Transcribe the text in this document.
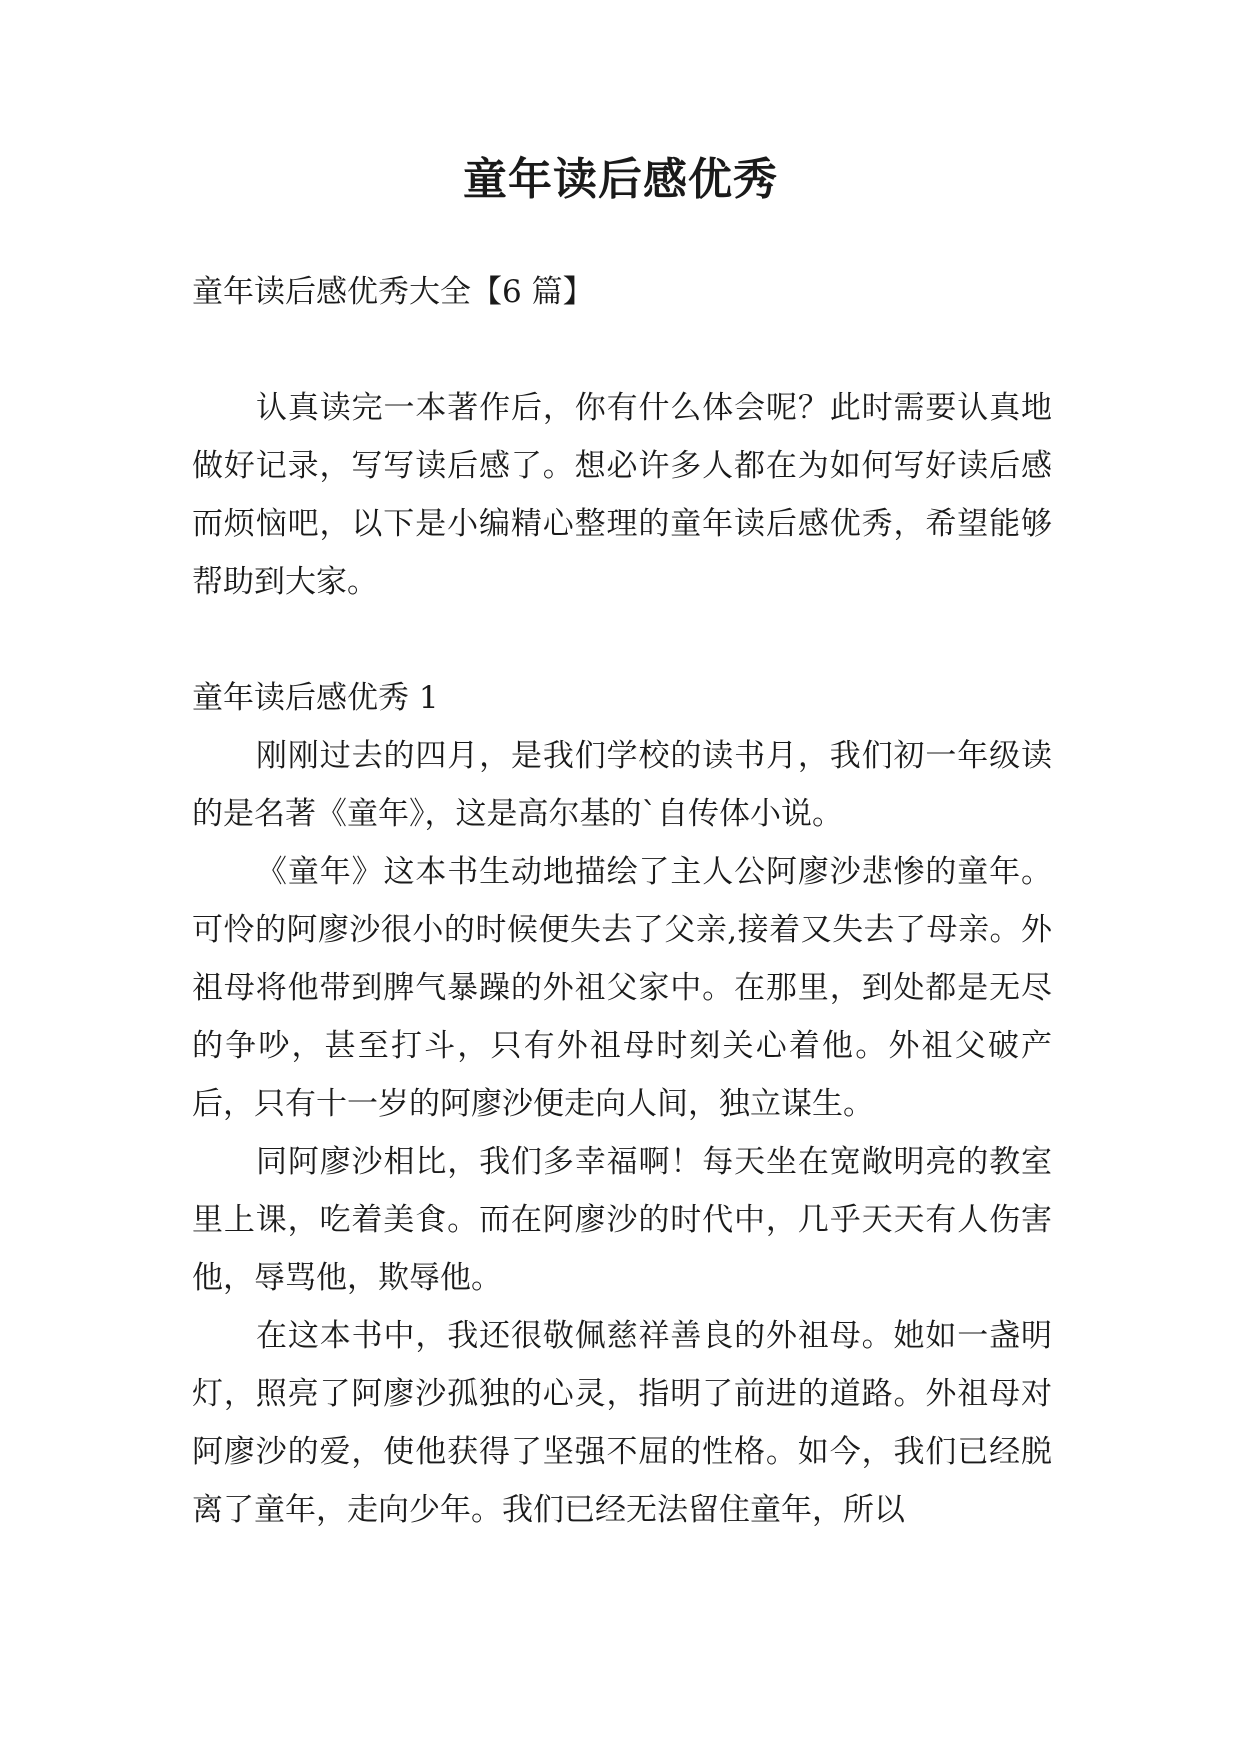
童年读后感优秀

童年读后感优秀大全【6 篇】

认真读完一本著作后，你有什么体会呢？此时需要认真地做好记录，写写读后感了。想必许多人都在为如何写好读后感而烦恼吧，以下是小编精心整理的童年读后感优秀，希望能够帮助到大家。

童年读后感优秀 1

刚刚过去的四月，是我们学校的读书月，我们初一年级读的是名著《童年》，这是高尔基的`自传体小说。

《童年》这本书生动地描绘了主人公阿廖沙悲惨的童年。可怜的阿廖沙很小的时候便失去了父亲,接着又失去了母亲。外祖母将他带到脾气暴躁的外祖父家中。在那里，到处都是无尽的争吵，甚至打斗，只有外祖母时刻关心着他。外祖父破产后，只有十一岁的阿廖沙便走向人间，独立谋生。

同阿廖沙相比，我们多幸福啊！每天坐在宽敞明亮的教室里上课，吃着美食。而在阿廖沙的时代中，几乎天天有人伤害他，辱骂他，欺辱他。

在这本书中，我还很敬佩慈祥善良的外祖母。她如一盏明灯，照亮了阿廖沙孤独的心灵，指明了前进的道路。外祖母对阿廖沙的爱，使他获得了坚强不屈的性格。如今，我们已经脱离了童年，走向少年。我们已经无法留住童年，所以
